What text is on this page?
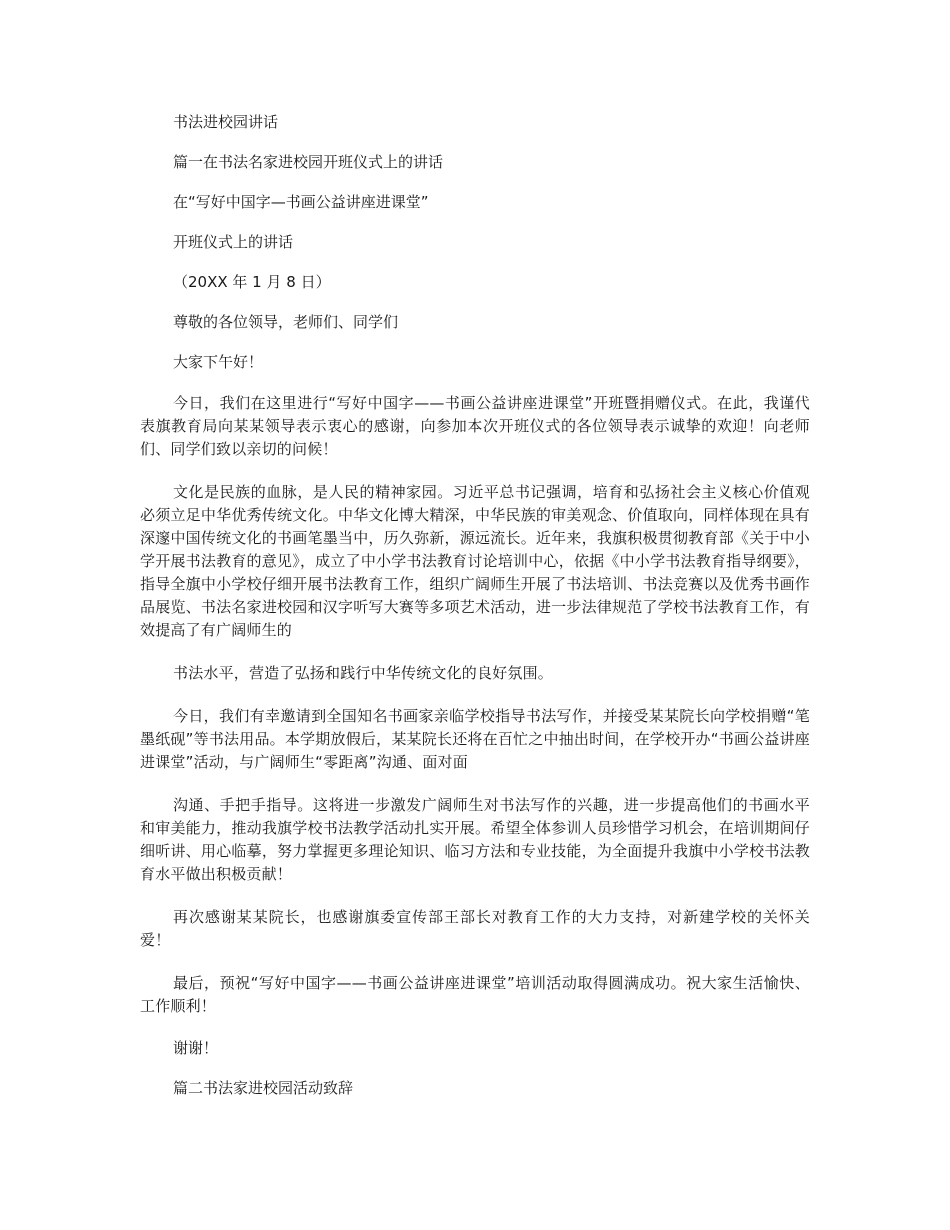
书法进校园讲话

篇一在书法名家进校园开班仪式上的讲话

在“写好中国字—书画公益讲座进课堂”

开班仪式上的讲话

（20XX 年 1 月 8 日）

尊敬的各位领导，老师们、同学们

大家下午好！

今日，我们在这里进行“写好中国字——书画公益讲座进课堂”开班暨捐赠仪式。在此，我谨代表旗教育局向某某领导表示衷心的感谢，向参加本次开班仪式的各位领导表示诚挚的欢迎！向老师们、同学们致以亲切的问候！

文化是民族的血脉，是人民的精神家园。习近平总书记强调，培育和弘扬社会主义核心价值观必须立足中华优秀传统文化。中华文化博大精深，中华民族的审美观念、价值取向，同样体现在具有深邃中国传统文化的书画笔墨当中，历久弥新，源远流长。近年来，我旗积极贯彻教育部《关于中小学开展书法教育的意见》，成立了中小学书法教育讨论培训中心，依据《中小学书法教育指导纲要》，指导全旗中小学校仔细开展书法教育工作，组织广阔师生开展了书法培训、书法竞赛以及优秀书画作品展览、书法名家进校园和汉字听写大赛等多项艺术活动，进一步法律规范了学校书法教育工作，有效提高了有广阔师生的

书法水平，营造了弘扬和践行中华传统文化的良好氛围。

今日，我们有幸邀请到全国知名书画家亲临学校指导书法写作，并接受某某院长向学校捐赠“笔墨纸砚”等书法用品。本学期放假后，某某院长还将在百忙之中抽出时间，在学校开办“书画公益讲座进课堂”活动，与广阔师生“零距离”沟通、面对面

沟通、手把手指导。这将进一步激发广阔师生对书法写作的兴趣，进一步提高他们的书画水平和审美能力，推动我旗学校书法教学活动扎实开展。希望全体参训人员珍惜学习机会，在培训期间仔细听讲、用心临摹，努力掌握更多理论知识、临习方法和专业技能，为全面提升我旗中小学校书法教育水平做出积极贡献！

再次感谢某某院长，也感谢旗委宣传部王部长对教育工作的大力支持，对新建学校的关怀关爱！

最后，预祝“写好中国字——书画公益讲座进课堂”培训活动取得圆满成功。祝大家生活愉快、工作顺利！

谢谢！

篇二书法家进校园活动致辞
